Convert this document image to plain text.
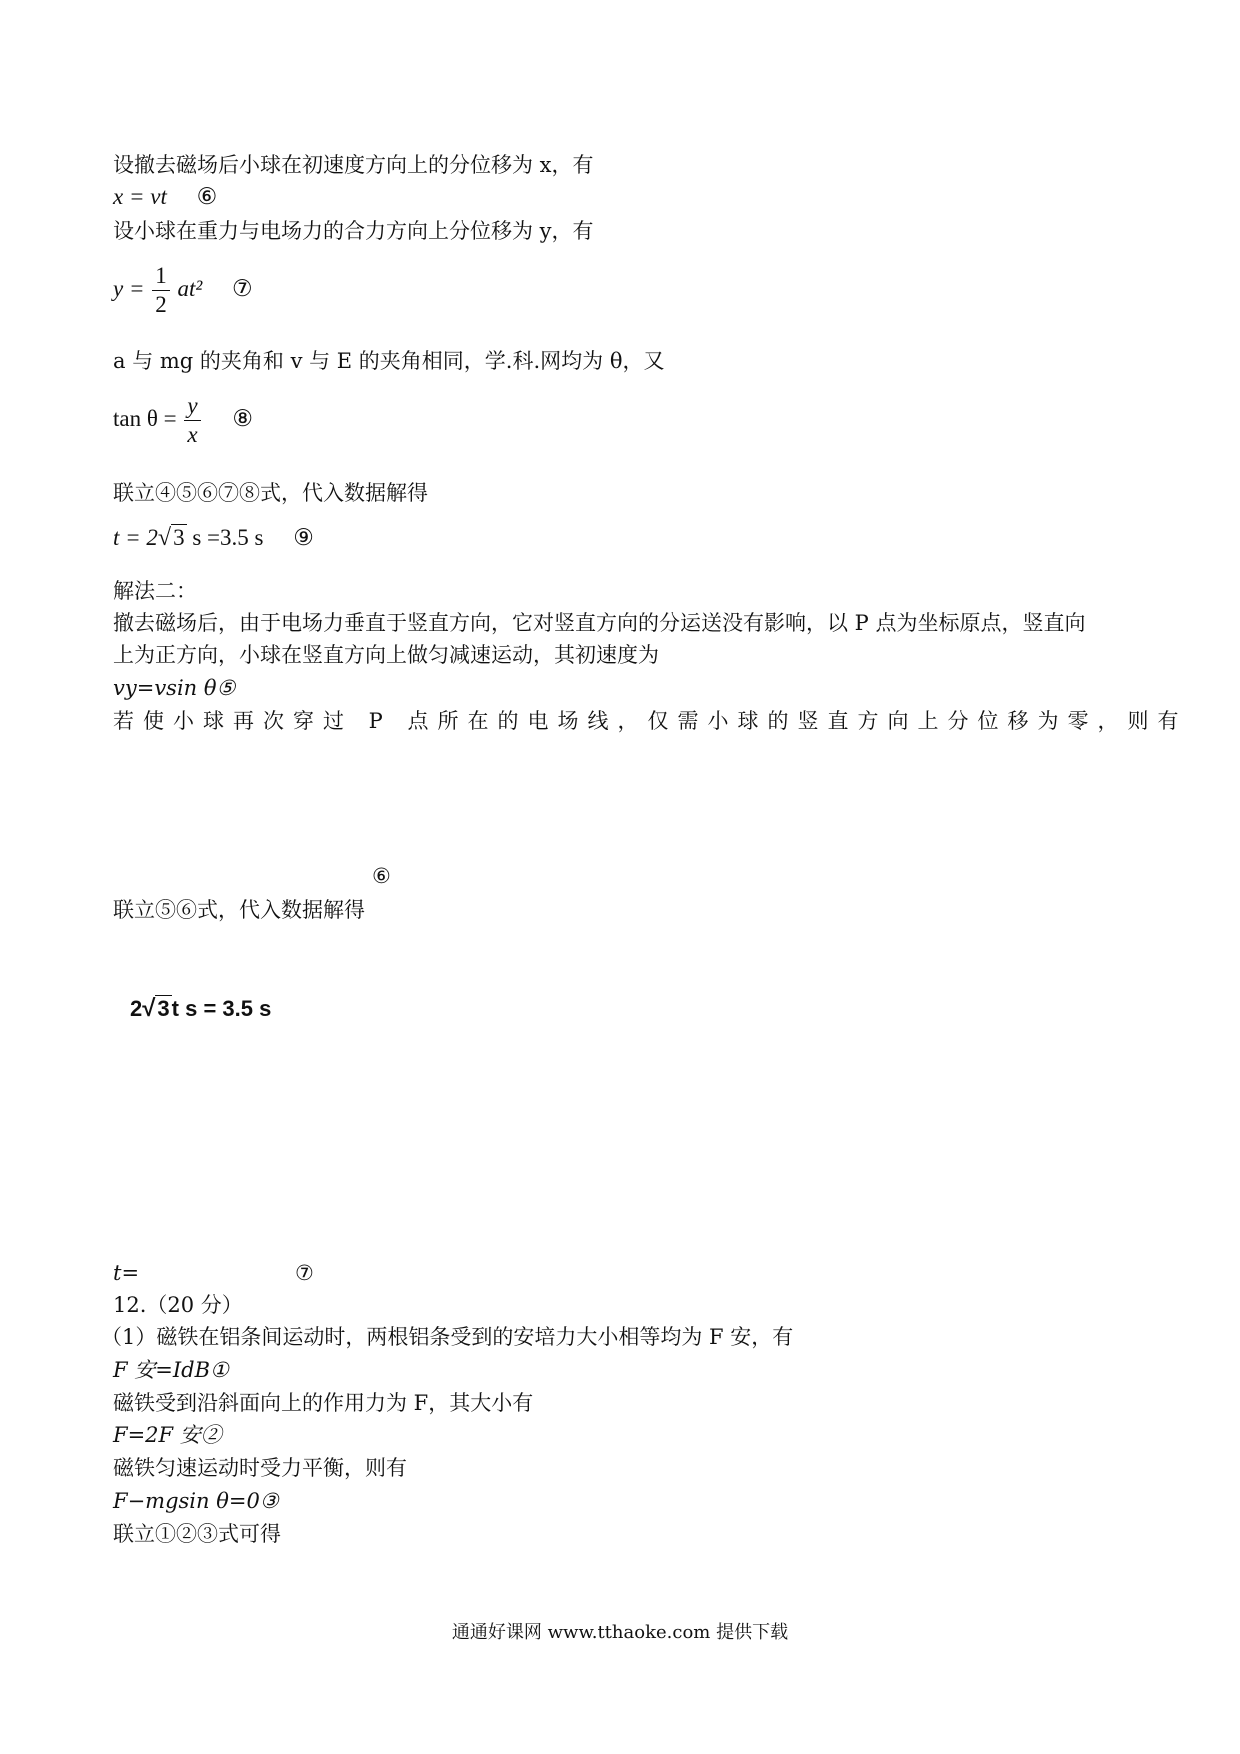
设撤去磁场后小球在初速度方向上的分位移为 x，有
x = vt ⑥
设小球在重力与电场力的合力方向上分位移为 y，有
$y = \frac{1}{2} at^2$ ⑦
a 与 mg 的夹角和 v 与 E 的夹角相同，学.科.网均为 θ，又
$\tan \theta = \frac{y}{x}$ ⑧
联立④⑤⑥⑦⑧式，代入数据解得
t = 2√3 s =3.5 s ⑨
解法二：
撤去磁场后，由于电场力垂直于竖直方向，它对竖直方向的分运送没有影响，以 P 点为坐标原点，竖直向
上为正方向，小球在竖直方向上做匀减速运动，其初速度为
vy=vsin θ⑤
若使小球再次穿过 P 点所在的电场线，仅需小球的竖直方向上分位移为零，则有
⑥
联立⑤⑥式，代入数据解得
2√3t s = 3.5 s
t=	⑦
12.（20 分）
（1）磁铁在铝条间运动时，两根铝条受到的安培力大小相等均为 F 安，有
F 安=IdB①
磁铁受到沿斜面向上的作用力为 F，其大小有
F=2F 安②
磁铁匀速运动时受力平衡，则有
F−mgsin θ=0③
联立①②③式可得
通通好课网 www.tthaoke.com 提供下载
